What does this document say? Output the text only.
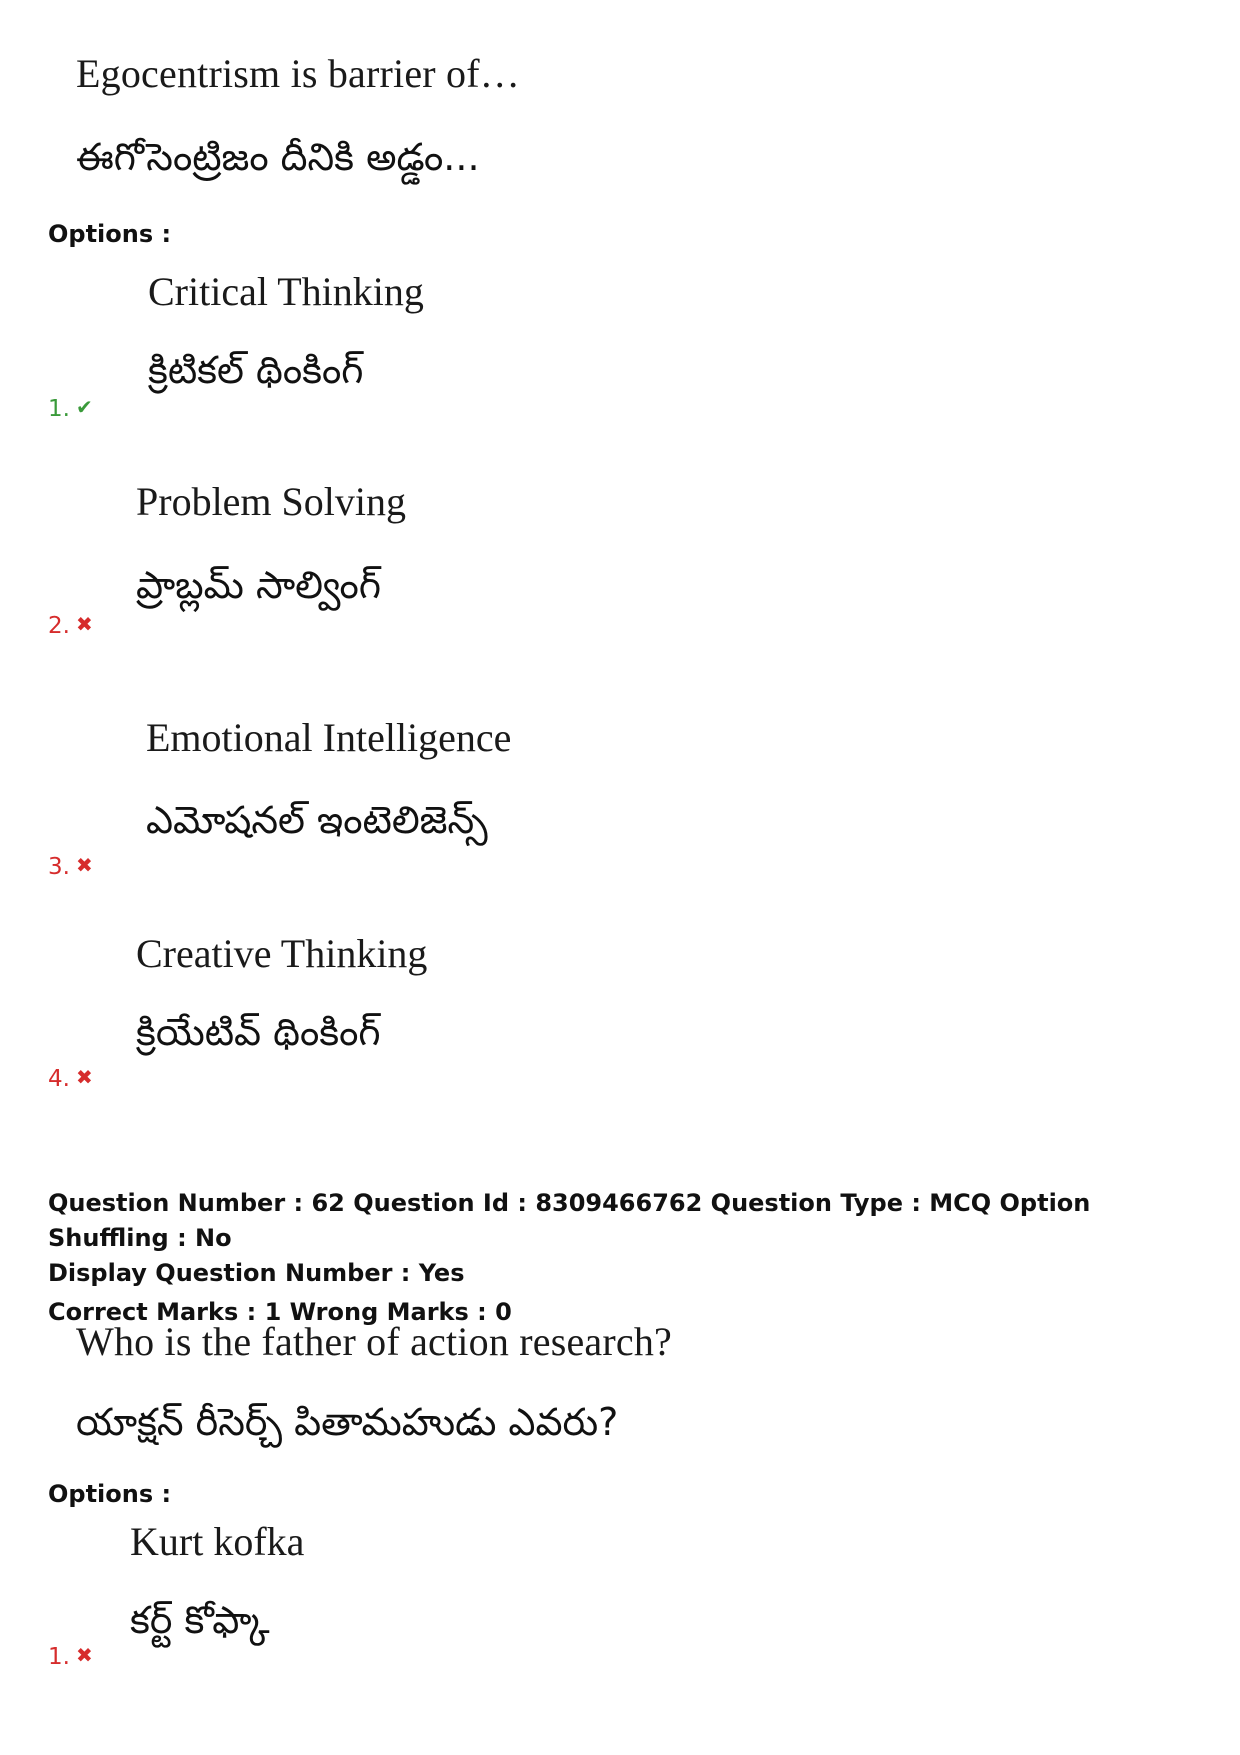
Egocentrism is barrier of…
ఈగోసెంట్రిజం దీనికి అడ్డం...
Options :
Critical Thinking
క్రిటికల్ థింకింగ్
1. ✔
Problem Solving
ప్రాబ్లమ్ సాల్వింగ్
2. ✖
Emotional Intelligence
ఎమోషనల్ ఇంటెలిజెన్స్
3. ✖
Creative Thinking
క్రియేటివ్ థింకింగ్
4. ✖
Question Number : 62 Question Id : 8309466762 Question Type : MCQ Option Shuffling : No
Display Question Number : Yes
Correct Marks : 1 Wrong Marks : 0
Who is the father of action research?
యాక్షన్ రీసెర్చ్ పితామహుడు ఎవరు?
Options :
Kurt kofka
కర్ట్ కోఫ్కా
1. ✖
